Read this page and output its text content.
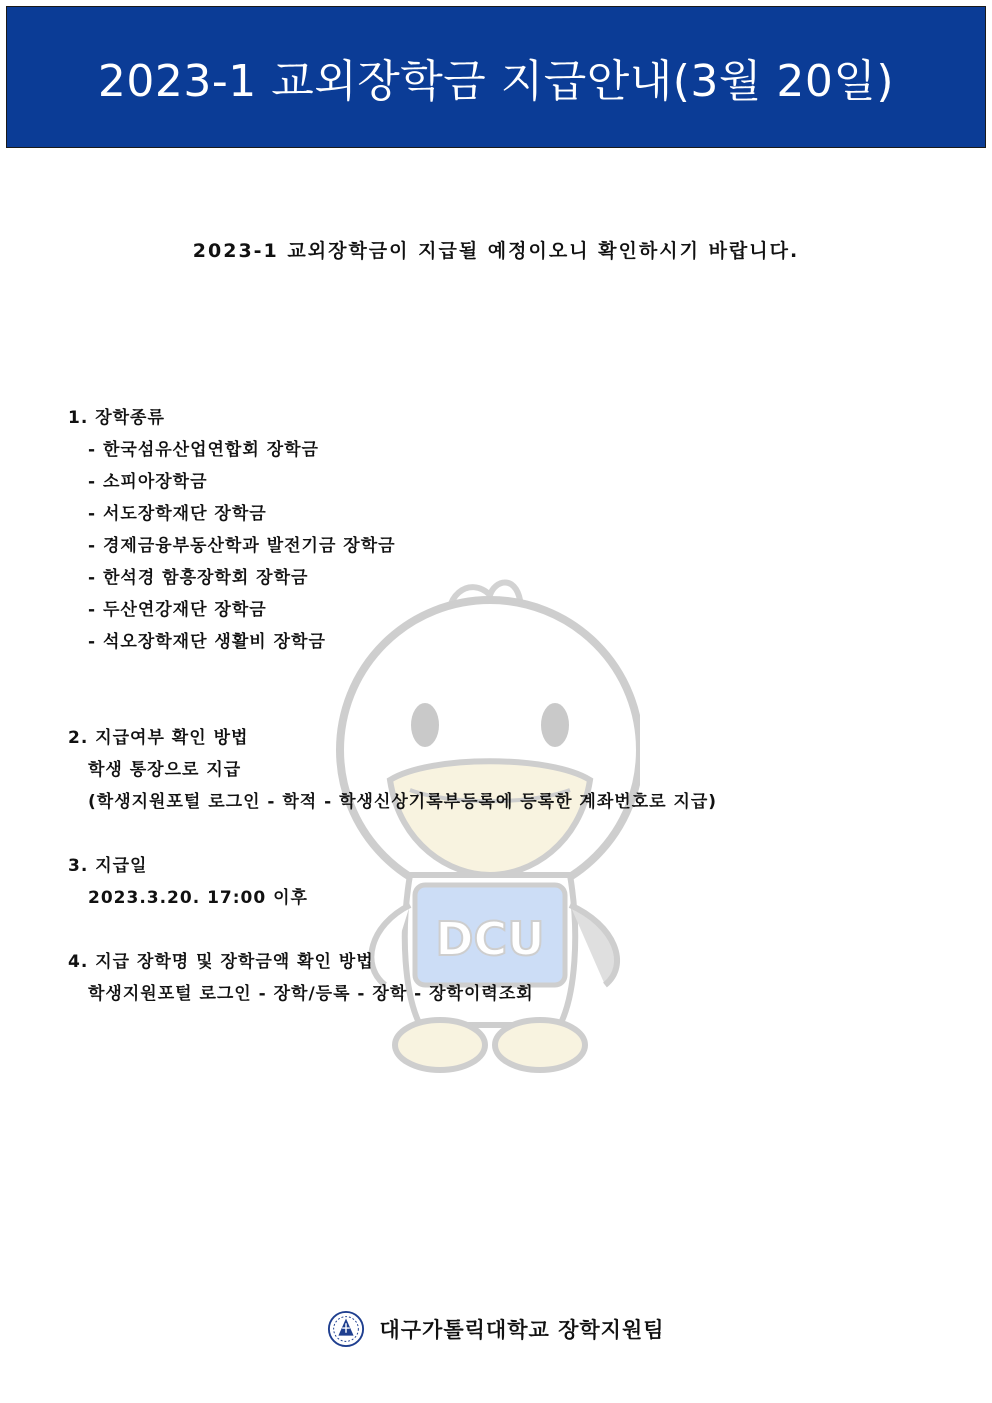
2023-1 교외장학금 지급안내(3월 20일)
2023-1 교외장학금이 지급될 예정이오니 확인하시기 바랍니다.
DCU
1. 장학종류
- 한국섬유산업연합회 장학금
- 소피아장학금
- 서도장학재단 장학금
- 경제금융부동산학과 발전기금 장학금
- 한석경 함흥장학회 장학금
- 두산연강재단 장학금
- 석오장학재단 생활비 장학금
2. 지급여부 확인 방법
학생 통장으로 지급
(학생지원포털 로그인 - 학적 - 학생신상기록부등록에 등록한 계좌번호로 지급)
3. 지급일
2023.3.20. 17:00 이후
4. 지급 장학명 및 장학금액 확인 방법
학생지원포털 로그인 - 장학/등록 - 장학 - 장학이력조회
대구가톨릭대학교 장학지원팀
